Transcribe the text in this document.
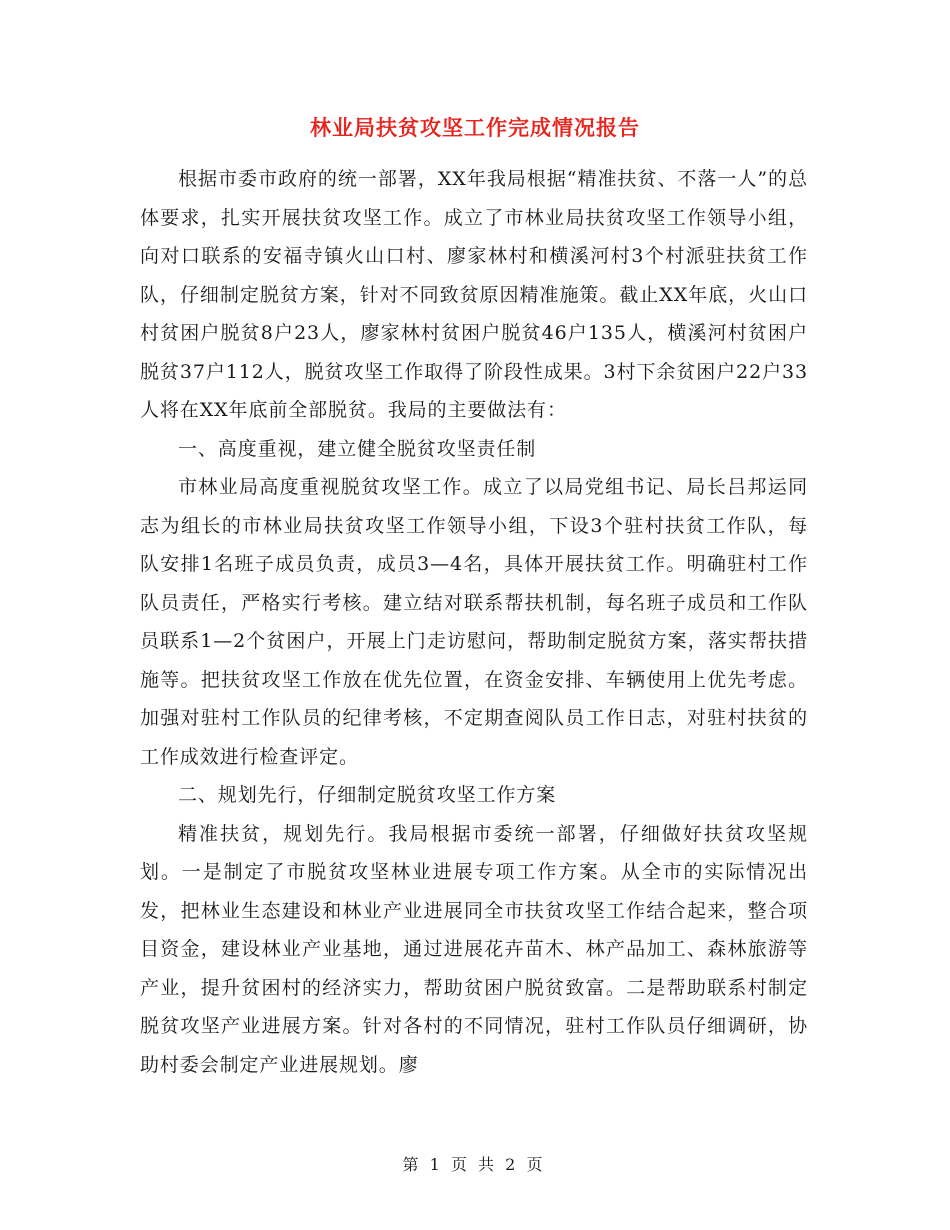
林业局扶贫攻坚工作完成情况报告

根据市委市政府的统一部署，XX年我局根据“精准扶贫、不落一人”的总体要求，扎实开展扶贫攻坚工作。成立了市林业局扶贫攻坚工作领导小组，向对口联系的安福寺镇火山口村、廖家林村和横溪河村3个村派驻扶贫工作队，仔细制定脱贫方案，针对不同致贫原因精准施策。截止XX年底，火山口村贫困户脱贫8户23人，廖家林村贫困户脱贫46户135人，横溪河村贫困户脱贫37户112人，脱贫攻坚工作取得了阶段性成果。3村下余贫困户22户33人将在XX年底前全部脱贫。我局的主要做法有：

一、高度重视，建立健全脱贫攻坚责任制

市林业局高度重视脱贫攻坚工作。成立了以局党组书记、局长吕邦运同志为组长的市林业局扶贫攻坚工作领导小组，下设3个驻村扶贫工作队，每队安排1名班子成员负责，成员3—4名，具体开展扶贫工作。明确驻村工作队员责任，严格实行考核。建立结对联系帮扶机制，每名班子成员和工作队员联系1—2个贫困户，开展上门走访慰问，帮助制定脱贫方案，落实帮扶措施等。把扶贫攻坚工作放在优先位置，在资金安排、车辆使用上优先考虑。加强对驻村工作队员的纪律考核，不定期查阅队员工作日志，对驻村扶贫的工作成效进行检查评定。

二、规划先行，仔细制定脱贫攻坚工作方案

精准扶贫，规划先行。我局根据市委统一部署，仔细做好扶贫攻坚规划。一是制定了市脱贫攻坚林业进展专项工作方案。从全市的实际情况出发，把林业生态建设和林业产业进展同全市扶贫攻坚工作结合起来，整合项目资金，建设林业产业基地，通过进展花卉苗木、林产品加工、森林旅游等产业，提升贫困村的经济实力，帮助贫困户脱贫致富。二是帮助联系村制定脱贫攻坚产业进展方案。针对各村的不同情况，驻村工作队员仔细调研，协助村委会制定产业进展规划。廖

第 1 页 共 2 页
